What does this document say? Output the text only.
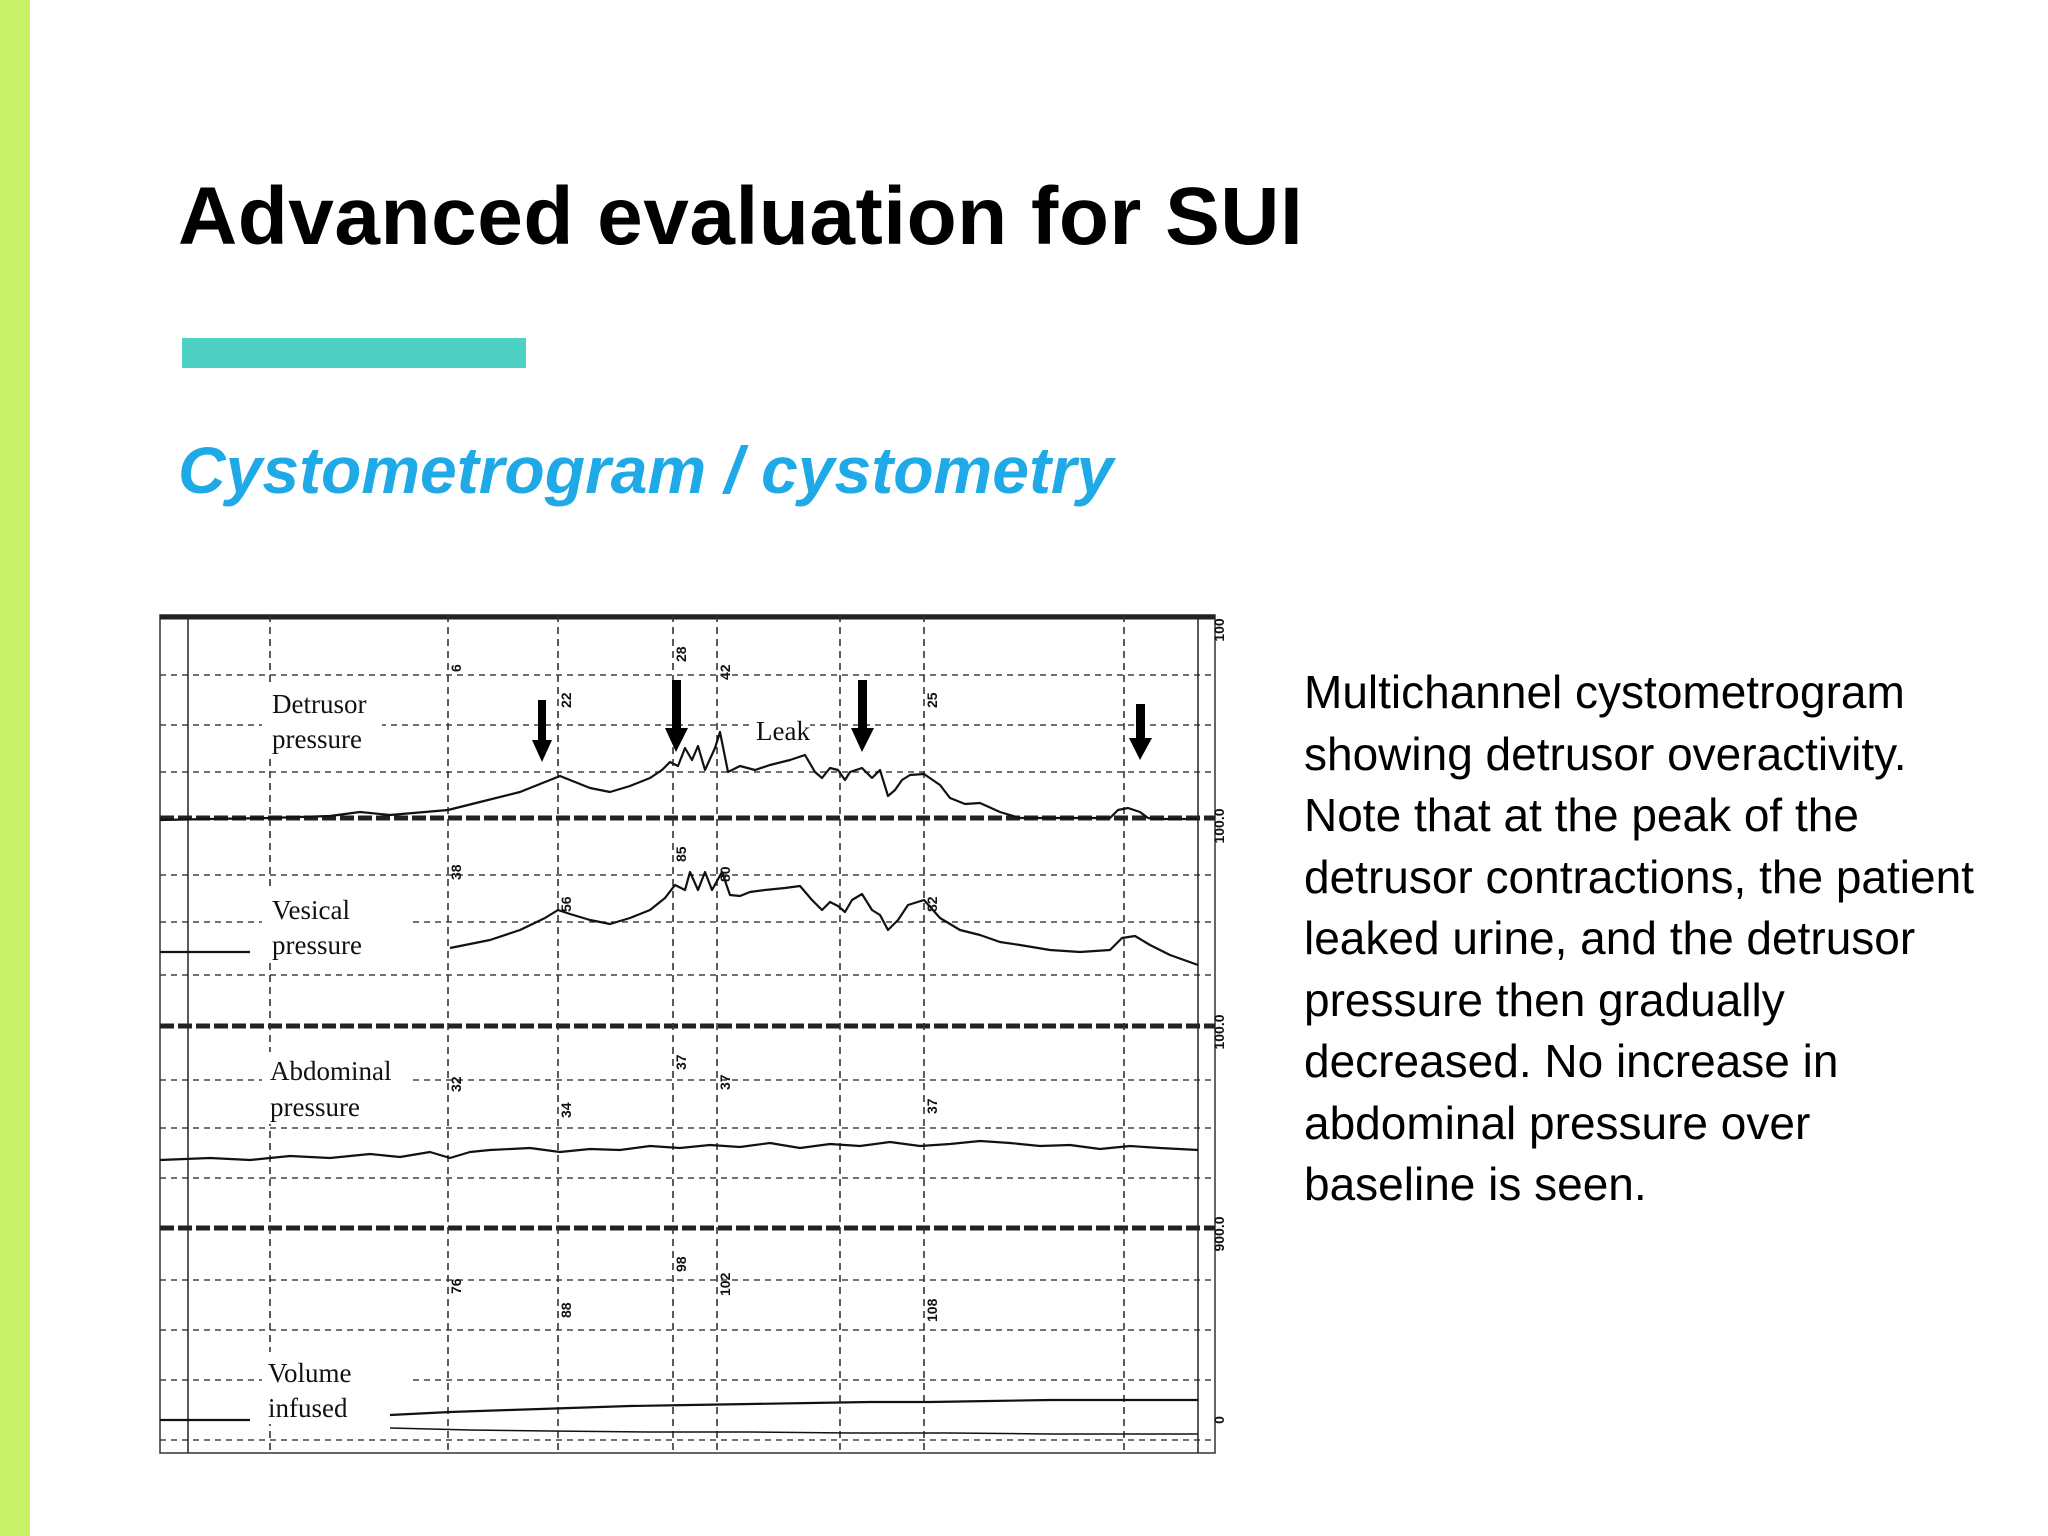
Advanced evaluation for SUI
Cystometrogram / cystometry
Detrusor
pressure
Vesical
pressure
Abdominal
pressure
Volume
infused
Leak
100
100.0
100.0
900.0
0
6
22
28
42
25
38
56
85
80
82
32
34
37
37
37
76
88
98
102
108

Multichannel cystometrogram showing detrusor overactivity. Note that at the peak of the detrusor contractions, the patient leaked urine, and the detrusor pressure then gradually decreased. No increase in abdominal pressure over baseline is seen.
